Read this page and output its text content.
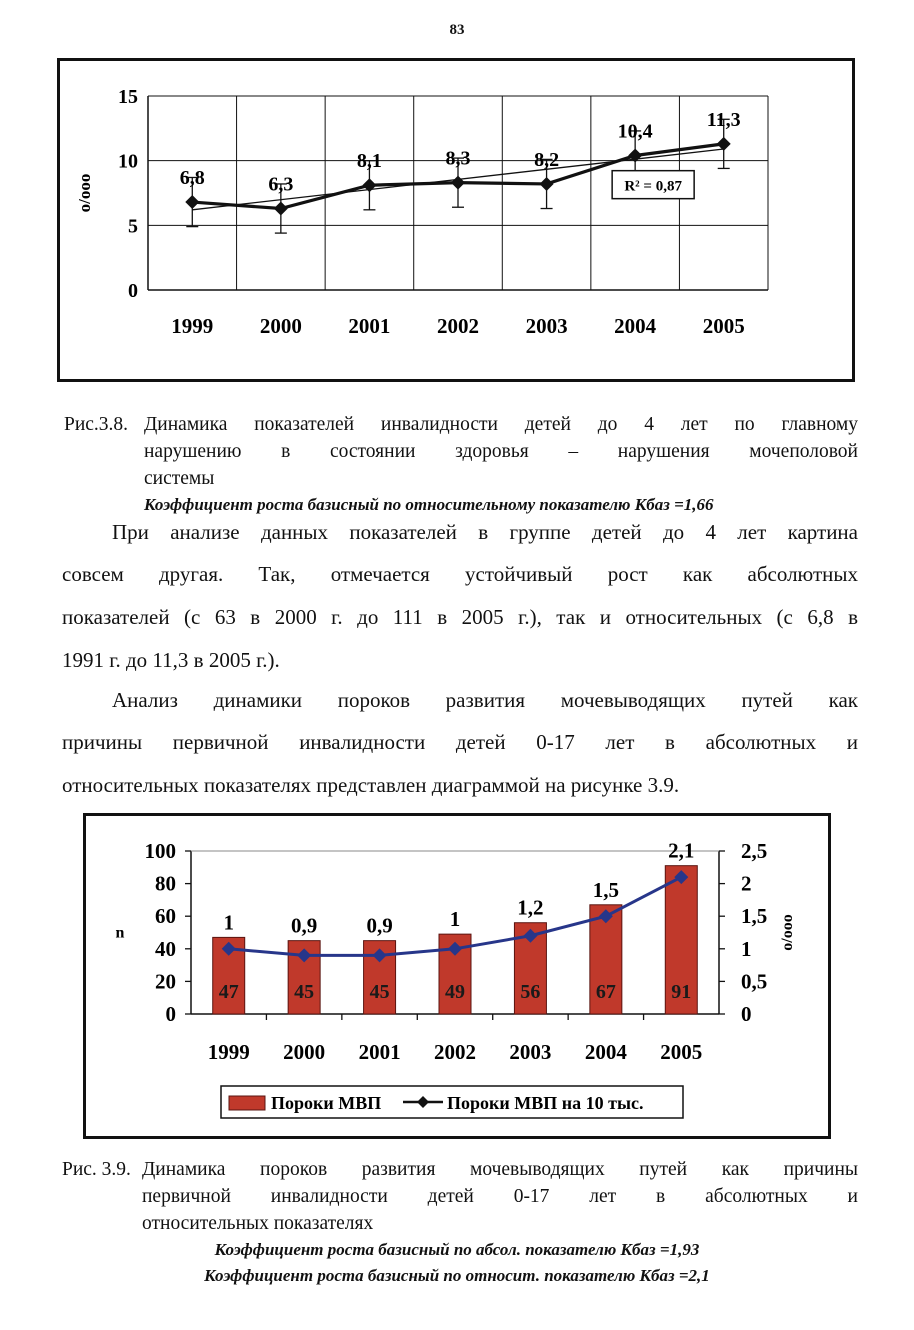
83
0
5
10
15
o/ooo
1999 2000 2001 2002 2003 2004 2005
6,8	6,3
8,1	8,3	8,2
10,4
11,3
R² = 0,87
Рис.3.8. Динамика показателей инвалидности детей до 4 лет по главному
нарушению в состоянии здоровья – нарушения мочеполовой
системы
Коэффициент роста базисный по относительному показателю Кбаз =1,66
При анализе данных показателей в группе детей до 4 лет картина
совсем другая. Так, отмечается устойчивый рост как абсолютных
показателей (с 63 в 2000 г. до 111 в 2005 г.), так и относительных (с 6,8 в
1991 г. до 11,3 в 2005 г.).
Анализ динамики пороков развития мочевыводящих путей как
причины первичной инвалидности детей 0-17 лет в абсолютных и
относительных показателях представлен диаграммой на рисунке 3.9.
0
20
40
60
80
100
0
0,5
1
1,5
2
2,5
n	o/ooo
1999 2000 2001 2002 2003 2004 2005
47	45	45	49	56	67	91
1	0,9 0,9	1	1,2
1,5
2,1
Пороки МВП	Пороки МВП на 10 тыс.
Рис. 3.9. Динамика пороков развития мочевыводящих путей как причины
первичной инвалидности детей 0-17 лет в абсолютных и
относительных показателях
Коэффициент роста базисный по абсол. показателю Кбаз =1,93
Коэффициент роста базисный по относит. показателю Кбаз =2,1
